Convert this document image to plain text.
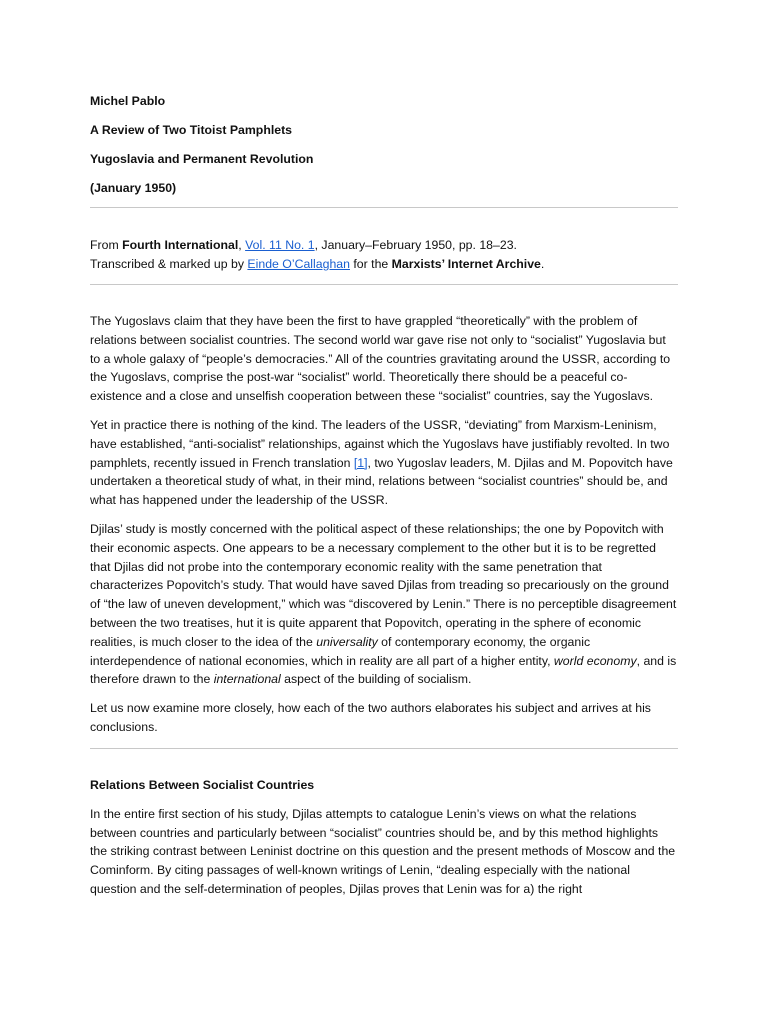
Michel Pablo
A Review of Two Titoist Pamphlets
Yugoslavia and Permanent Revolution
(January 1950)
From Fourth International, Vol. 11 No. 1, January–February 1950, pp. 18–23.
Transcribed & marked up by Einde O’Callaghan for the Marxists’ Internet Archive.

The Yugoslavs claim that they have been the first to have grappled “theoretically” with the problem of relations between socialist countries. The second world war gave rise not only to “socialist” Yugoslavia but to a whole galaxy of “people’s democracies.” All of the countries gravitating around the USSR, according to the Yugoslavs, comprise the post-war “socialist” world. Theoretically there should be a peaceful co-existence and a close and unselfish cooperation between these “socialist” countries, say the Yugoslavs.

Yet in practice there is nothing of the kind. The leaders of the USSR, “deviating” from Marxism-Leninism, have established, “anti-socialist” relationships, against which the Yugoslavs have justifiably revolted. In two pamphlets, recently issued in French translation [1], two Yugoslav leaders, M. Djilas and M. Popovitch have undertaken a theoretical study of what, in their mind, relations between “socialist countries” should be, and what has happened under the leadership of the USSR.

Djilas’ study is mostly concerned with the political aspect of these relationships; the one by Popovitch with their economic aspects. One appears to be a necessary complement to the other but it is to be regretted that Djilas did not probe into the contemporary economic reality with the same penetration that characterizes Popovitch’s study. That would have saved Djilas from treading so precariously on the ground of “the law of uneven development,” which was “discovered by Lenin.” There is no perceptible disagreement between the two treatises, hut it is quite apparent that Popovitch, operating in the sphere of economic realities, is much closer to the idea of the universality of contemporary economy, the organic interdependence of national economies, which in reality are all part of a higher entity, world economy, and is therefore drawn to the international aspect of the building of socialism.

Let us now examine more closely, how each of the two authors elaborates his subject and arrives at his conclusions.

Relations Between Socialist Countries

In the entire first section of his study, Djilas attempts to catalogue Lenin’s views on what the relations between countries and particularly between “socialist” countries should be, and by this method highlights the striking contrast between Leninist doctrine on this question and the present methods of Moscow and the Cominform. By citing passages of well-known writings of Lenin, “dealing especially with the national question and the self-determination of peoples, Djilas proves that Lenin was for a) the right
